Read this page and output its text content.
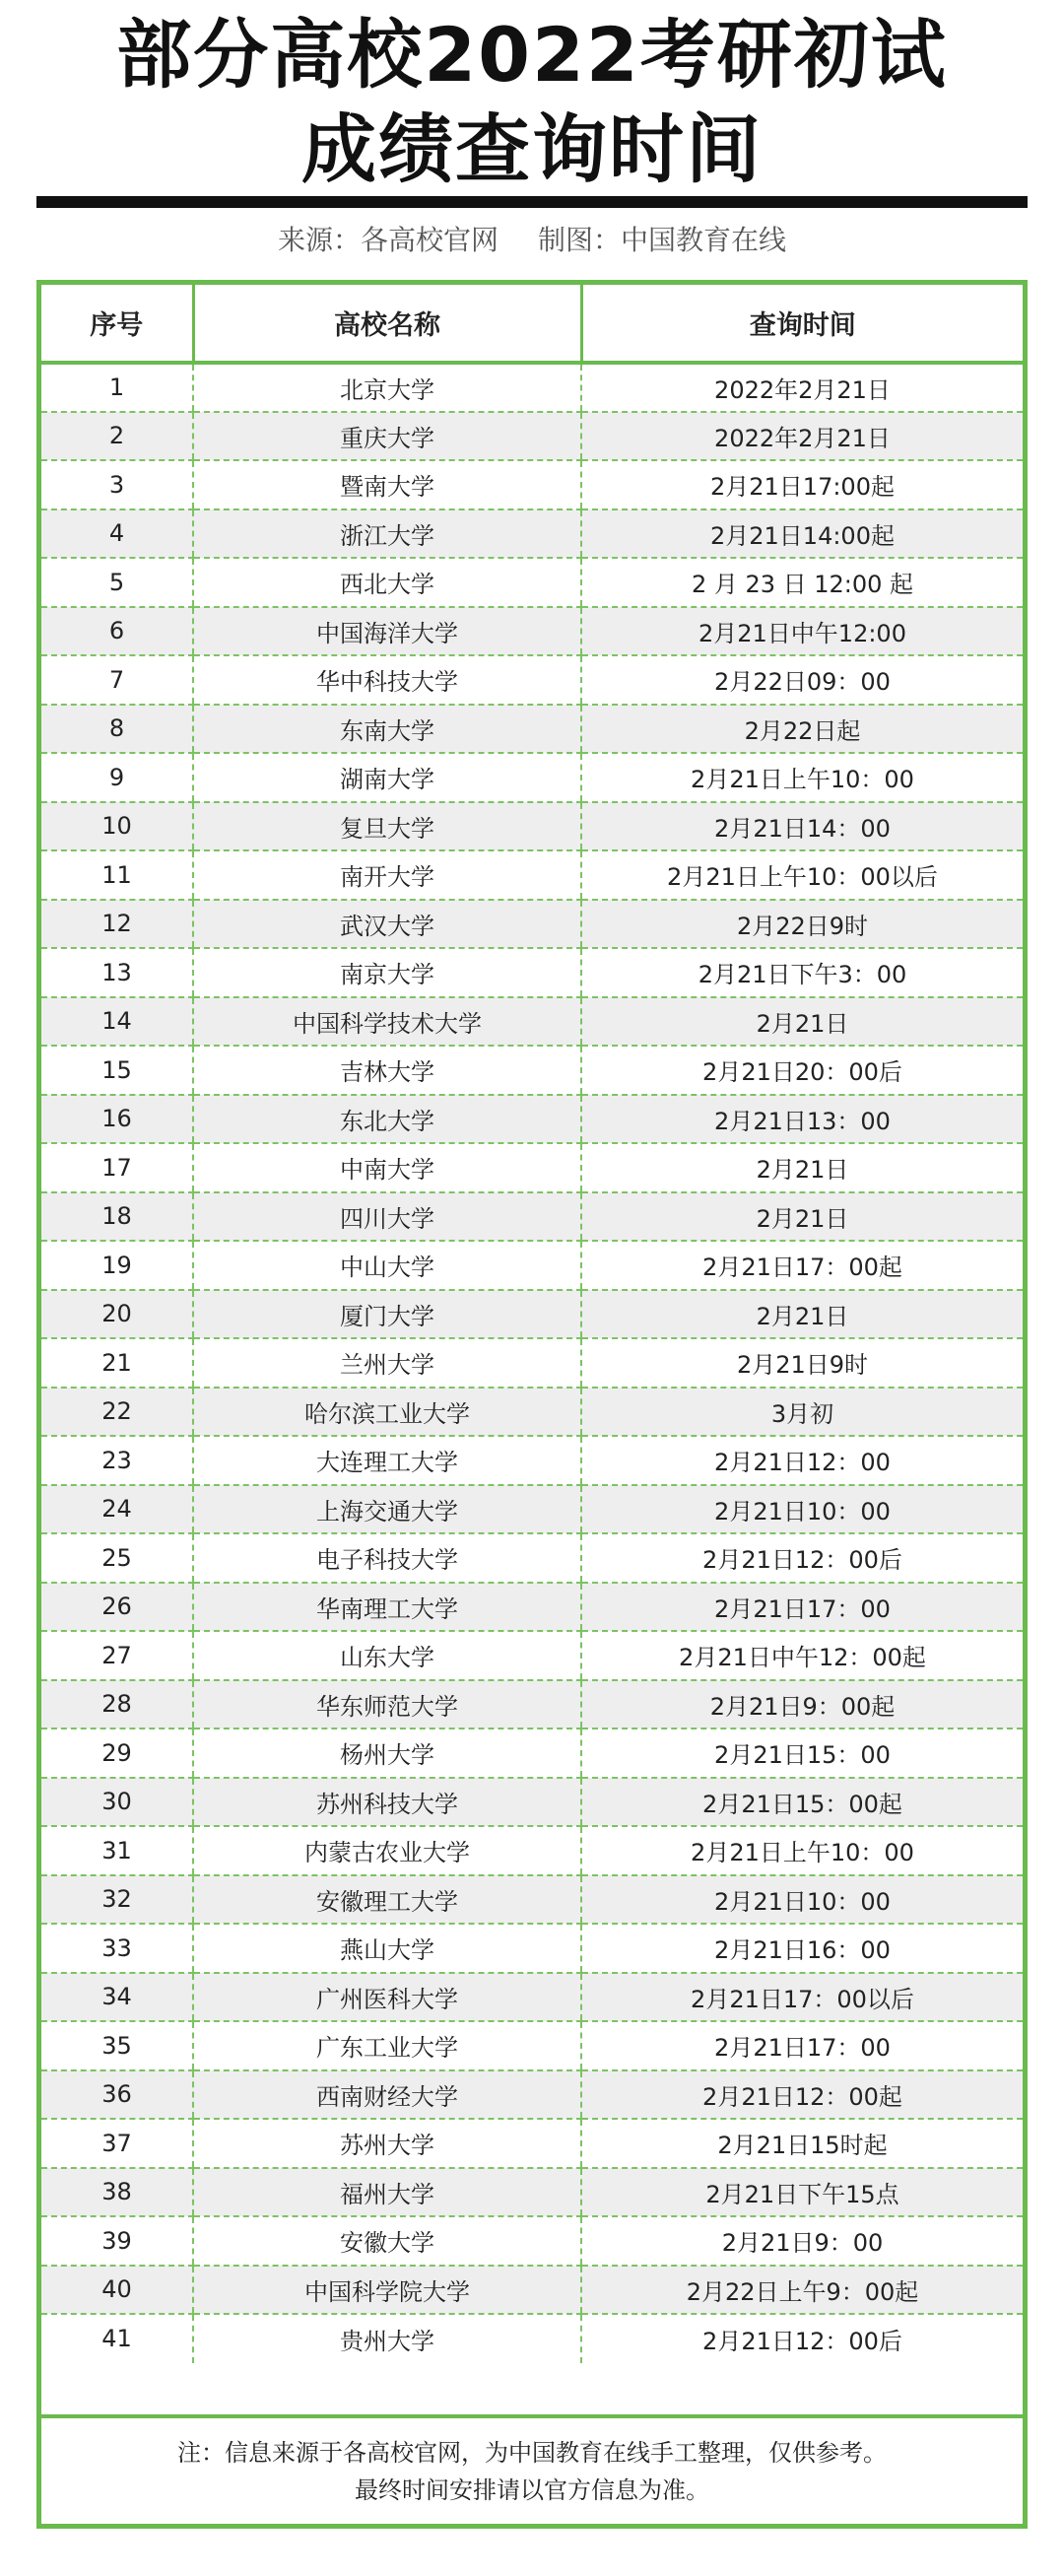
部分高校2022考研初试
成绩查询时间
来源：各高校官网 制图：中国教育在线
序号	高校名称	查询时间
1	北京大学	2022年2月21日
2	重庆大学	2022年2月21日
3	暨南大学	2月21日17:00起
4	浙江大学	2月21日14:00起
5	西北大学	2 月 23 日 12:00 起
6	中国海洋大学	2月21日中午12:00
7	华中科技大学	2月22日09：00
8	东南大学	2月22日起
9	湖南大学	2月21日上午10：00
10	复旦大学	2月21日14：00
11	南开大学	2月21日上午10：00以后
12	武汉大学	2月22日9时
13	南京大学	2月21日下午3：00
14	中国科学技术大学	2月21日
15	吉林大学	2月21日20：00后
16	东北大学	2月21日13：00
17	中南大学	2月21日
18	四川大学	2月21日
19	中山大学	2月21日17：00起
20	厦门大学	2月21日
21	兰州大学	2月21日9时
22	哈尔滨工业大学	3月初
23	大连理工大学	2月21日12：00
24	上海交通大学	2月21日10：00
25	电子科技大学	2月21日12：00后
26	华南理工大学	2月21日17：00
27	山东大学	2月21日中午12：00起
28	华东师范大学	2月21日9：00起
29	杨州大学	2月21日15：00
30	苏州科技大学	2月21日15：00起
31	内蒙古农业大学	2月21日上午10：00
32	安徽理工大学	2月21日10：00
33	燕山大学	2月21日16：00
34	广州医科大学	2月21日17：00以后
35	广东工业大学	2月21日17：00
36	西南财经大学	2月21日12：00起
37	苏州大学	2月21日15时起
38	福州大学	2月21日下午15点
39	安徽大学	2月21日9：00
40	中国科学院大学	2月22日上午9：00起
41	贵州大学	2月21日12：00后
注：信息来源于各高校官网，为中国教育在线手工整理，仅供参考。
最终时间安排请以官方信息为准。
